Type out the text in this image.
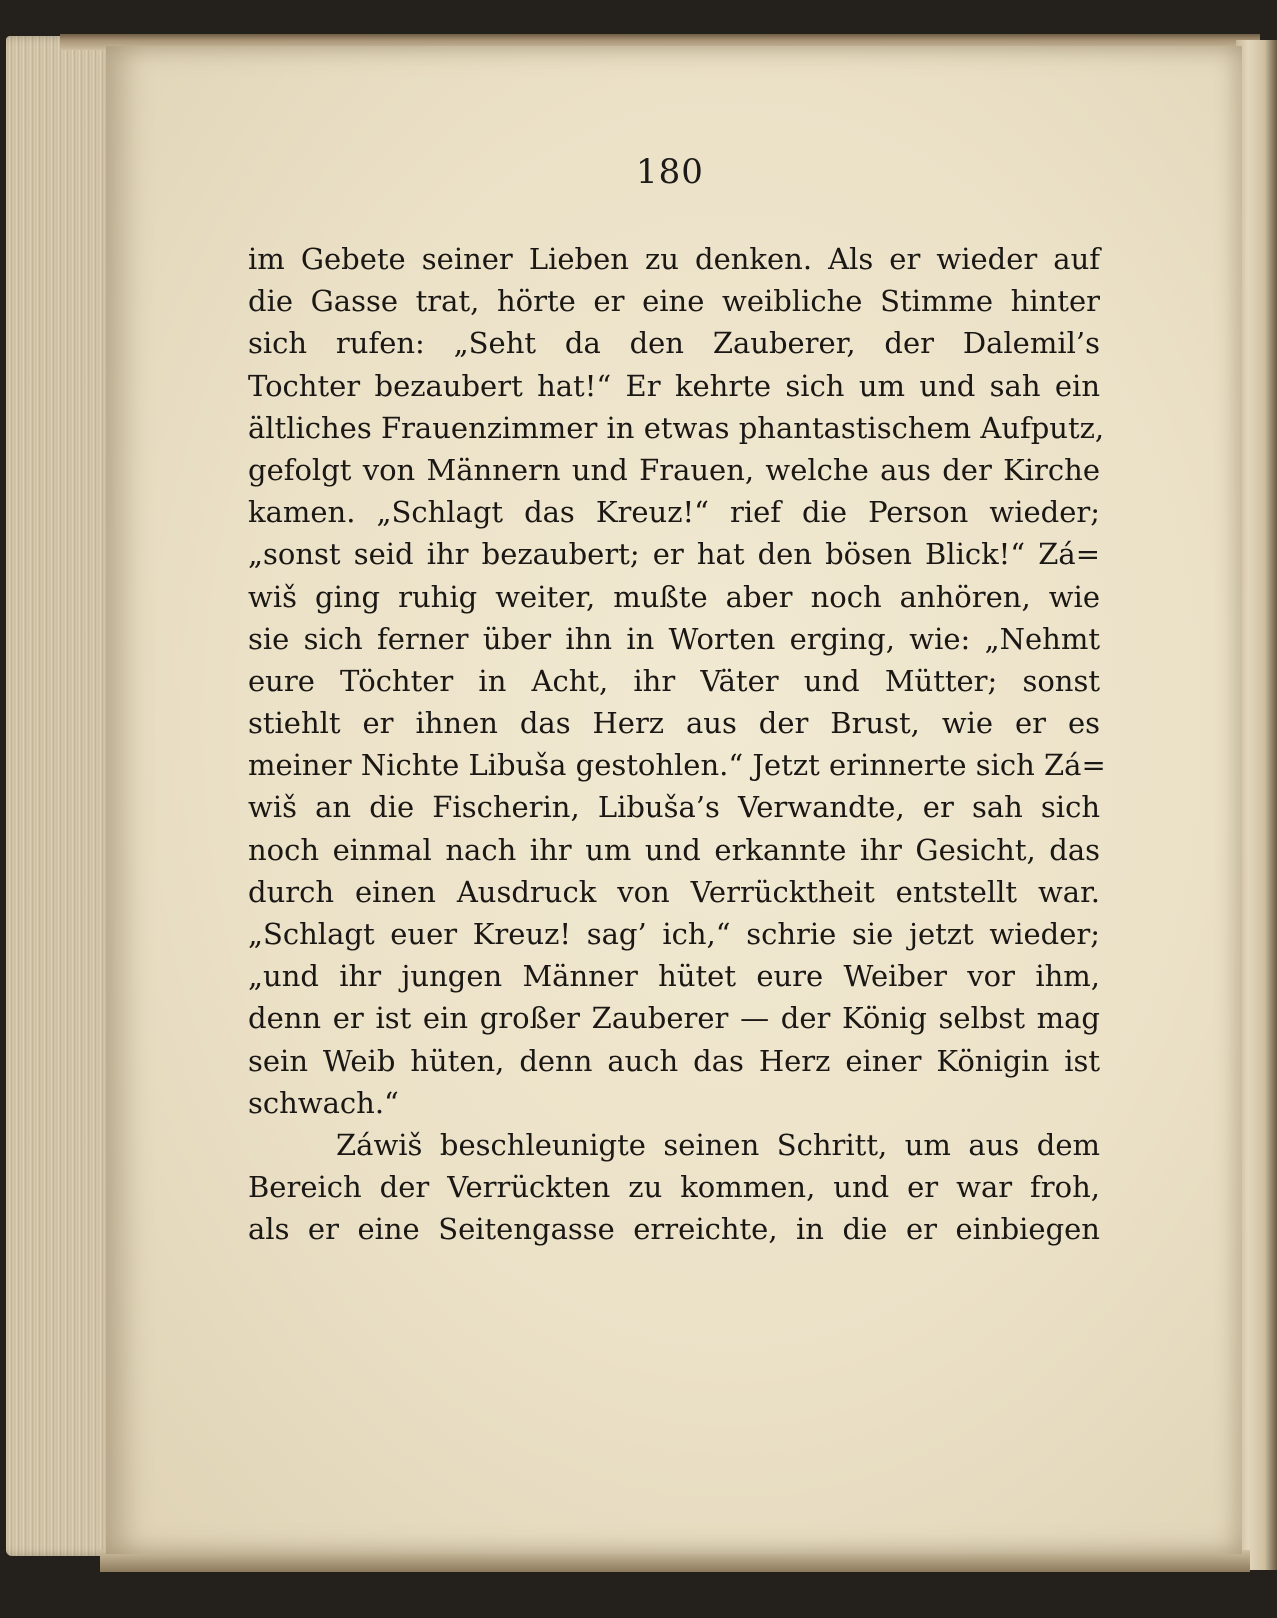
180
im Gebete seiner Lieben zu denken. Als er wieder auf
die Gasse trat, hörte er eine weibliche Stimme hinter
sich rufen: „Seht da den Zauberer, der Dalemil’s
Tochter bezaubert hat!“ Er kehrte sich um und sah ein
ältliches Frauenzimmer in etwas phantastischem Aufputz,
gefolgt von Männern und Frauen, welche aus der Kirche
kamen. „Schlagt das Kreuz!“ rief die Person wieder;
„sonst seid ihr bezaubert; er hat den bösen Blick!“ Zá=
wiš ging ruhig weiter, mußte aber noch anhören, wie
sie sich ferner über ihn in Worten erging, wie: „Nehmt
eure Töchter in Acht, ihr Väter und Mütter; sonst
stiehlt er ihnen das Herz aus der Brust, wie er es
meiner Nichte Libuša gestohlen.“ Jetzt erinnerte sich Zá=
wiš an die Fischerin, Libuša’s Verwandte, er sah sich
noch einmal nach ihr um und erkannte ihr Gesicht, das
durch einen Ausdruck von Verrücktheit entstellt war.
„Schlagt euer Kreuz! sag’ ich,“ schrie sie jetzt wieder;
„und ihr jungen Männer hütet eure Weiber vor ihm,
denn er ist ein großer Zauberer — der König selbst mag
sein Weib hüten, denn auch das Herz einer Königin ist
schwach.“
Záwiš beschleunigte seinen Schritt, um aus dem
Bereich der Verrückten zu kommen, und er war froh,
als er eine Seitengasse erreichte, in die er einbiegen
